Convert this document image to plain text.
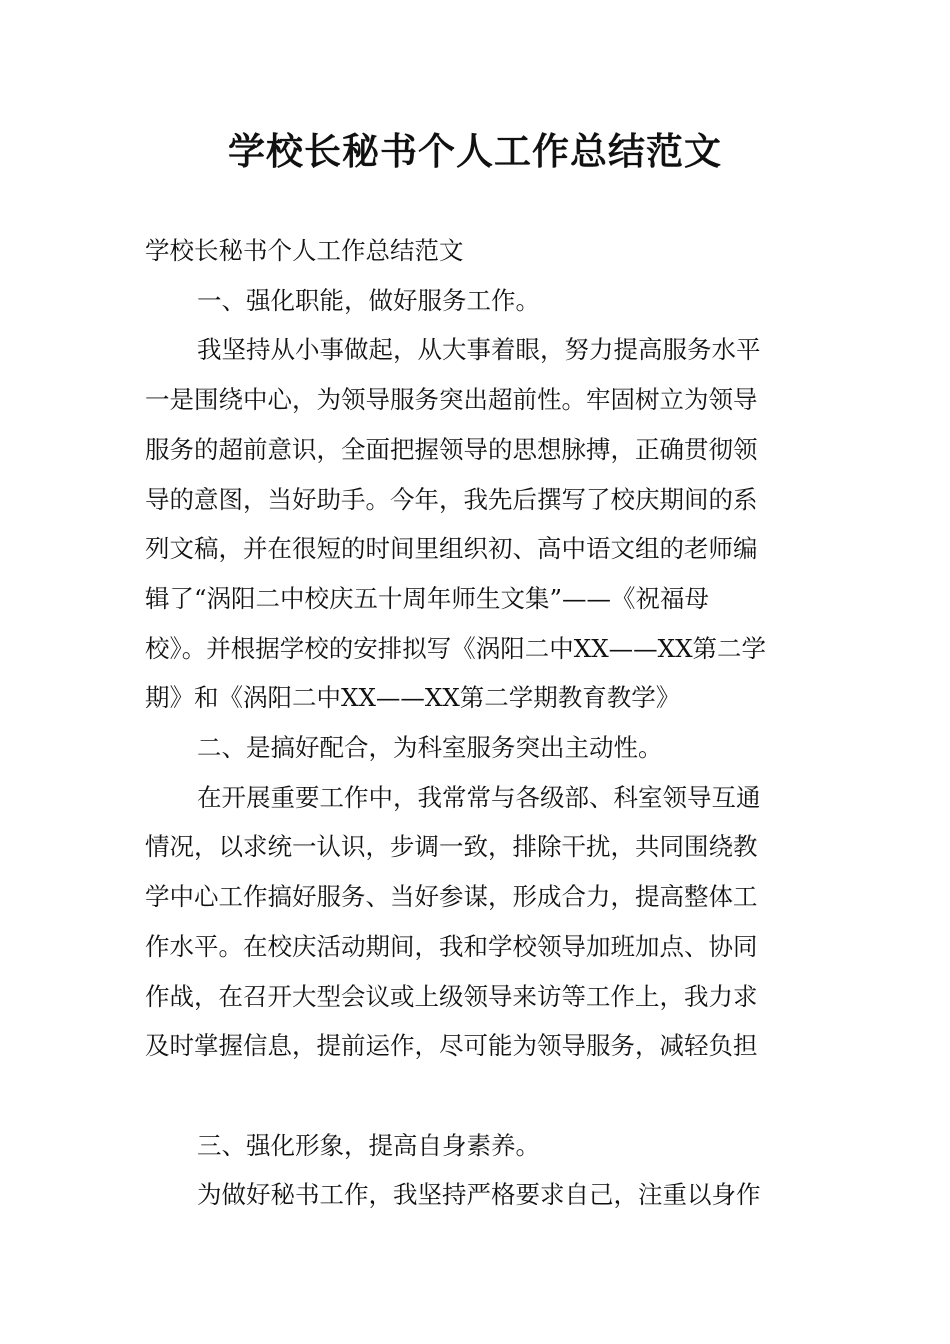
学校长秘书个人工作总结范文

学校长秘书个人工作总结范文

一、强化职能，做好服务工作。

我坚持从小事做起，从大事着眼，努力提高服务水平

一是围绕中心，为领导服务突出超前性。牢固树立为领导

服务的超前意识，全面把握领导的思想脉搏，正确贯彻领

导的意图，当好助手。今年，我先后撰写了校庆期间的系

列文稿，并在很短的时间里组织初、高中语文组的老师编

辑了“涡阳二中校庆五十周年师生文集”——《祝福母

校》。并根据学校的安排拟写《涡阳二中XX——XX第二学

期》和《涡阳二中XX——XX第二学期教育教学》

二、是搞好配合，为科室服务突出主动性。

在开展重要工作中，我常常与各级部、科室领导互通

情况，以求统一认识，步调一致，排除干扰，共同围绕教

学中心工作搞好服务、当好参谋，形成合力，提高整体工

作水平。在校庆活动期间，我和学校领导加班加点、协同

作战，在召开大型会议或上级领导来访等工作上，我力求

及时掌握信息，提前运作，尽可能为领导服务，减轻负担

三、强化形象，提高自身素养。

为做好秘书工作，我坚持严格要求自己，注重以身作
